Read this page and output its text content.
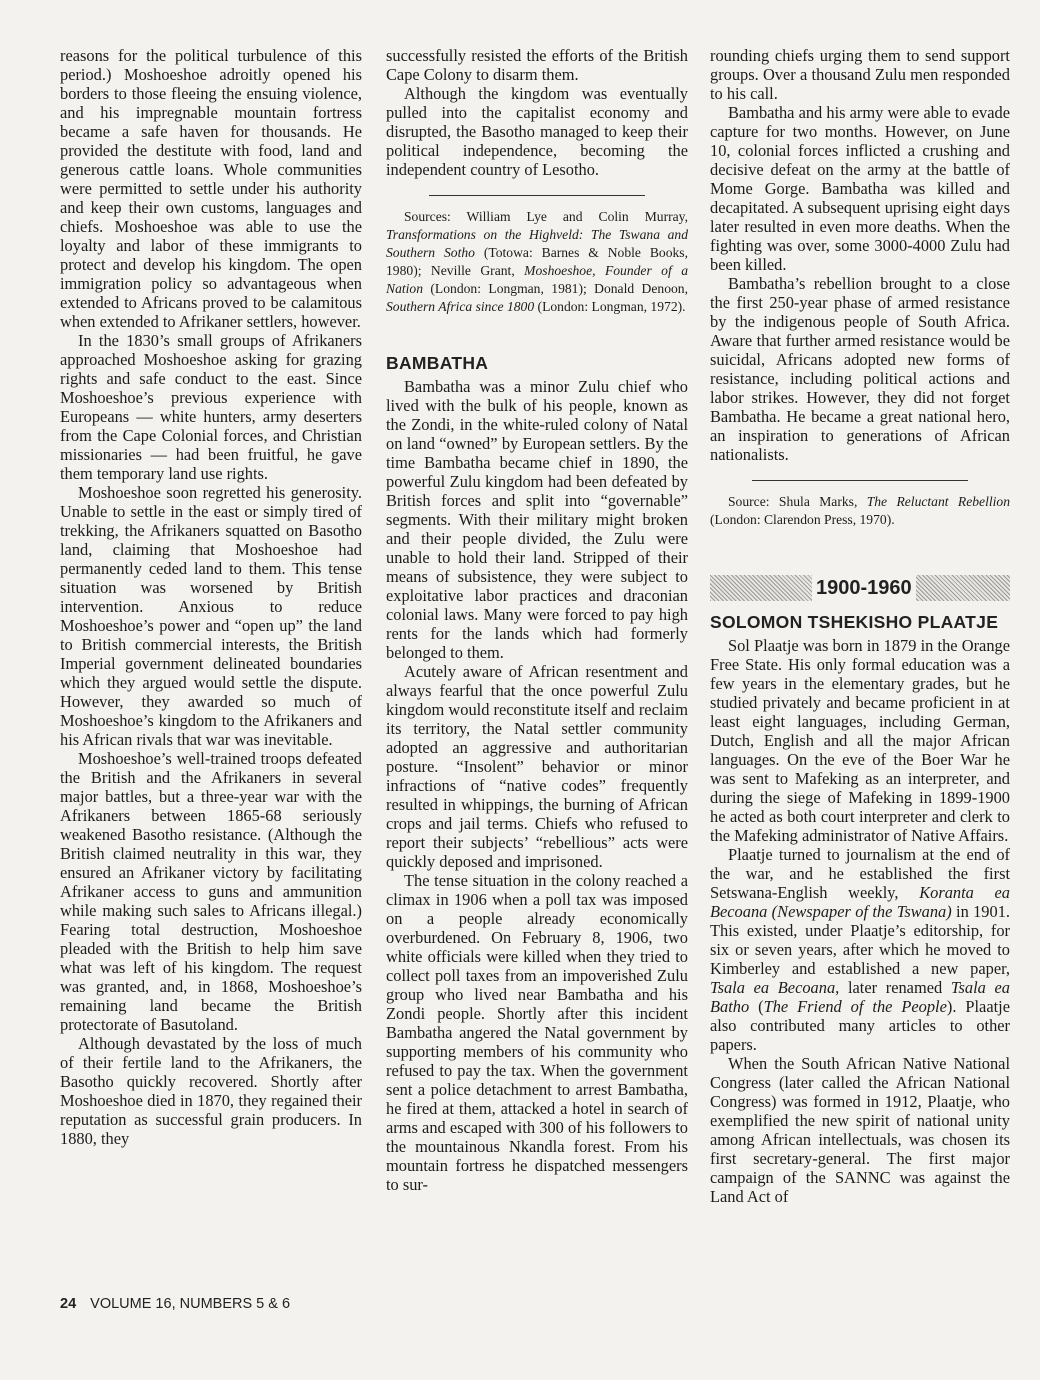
reasons for the political turbulence of this period.) Moshoeshoe adroitly opened his borders to those fleeing the ensuing violence, and his impregnable mountain fortress became a safe haven for thousands. He provided the destitute with food, land and generous cattle loans. Whole communities were permitted to settle under his authority and keep their own customs, languages and chiefs. Moshoeshoe was able to use the loyalty and labor of these immigrants to protect and develop his kingdom. The open immigration policy so advantageous when extended to Africans proved to be calamitous when extended to Afrikaner settlers, however.

In the 1830’s small groups of Afrikaners approached Moshoeshoe asking for grazing rights and safe conduct to the east. Since Moshoeshoe’s previous experience with Europeans — white hunters, army deserters from the Cape Colonial forces, and Christian missionaries — had been fruitful, he gave them temporary land use rights.

Moshoeshoe soon regretted his generosity. Unable to settle in the east or simply tired of trekking, the Afrikaners squatted on Basotho land, claiming that Moshoeshoe had permanently ceded land to them. This tense situation was worsened by British intervention. Anxious to reduce Moshoeshoe’s power and “open up” the land to British commercial interests, the British Imperial government delineated boundaries which they argued would settle the dispute. However, they awarded so much of Moshoeshoe’s kingdom to the Afrikaners and his African rivals that war was inevitable.

Moshoeshoe’s well-trained troops defeated the British and the Afrikaners in several major battles, but a three-year war with the Afrikaners between 1865-68 seriously weakened Basotho resistance. (Although the British claimed neutrality in this war, they ensured an Afrikaner victory by facilitating Afrikaner access to guns and ammunition while making such sales to Africans illegal.) Fearing total destruction, Moshoeshoe pleaded with the British to help him save what was left of his kingdom. The request was granted, and, in 1868, Moshoeshoe’s remaining land became the British protectorate of Basutoland.

Although devastated by the loss of much of their fertile land to the Afrikaners, the Basotho quickly recovered. Shortly after Moshoeshoe died in 1870, they regained their reputation as successful grain producers. In 1880, they

successfully resisted the efforts of the British Cape Colony to disarm them.

Although the kingdom was eventually pulled into the capitalist economy and disrupted, the Basotho managed to keep their political independence, becoming the independent country of Lesotho.

Sources: William Lye and Colin Murray, Transformations on the Highveld: The Tswana and Southern Sotho (Totowa: Barnes & Noble Books, 1980); Neville Grant, Moshoeshoe, Founder of a Nation (London: Longman, 1981); Donald Denoon, Southern Africa since 1800 (London: Longman, 1972).

BAMBATHA

Bambatha was a minor Zulu chief who lived with the bulk of his people, known as the Zondi, in the white-ruled colony of Natal on land “owned” by European settlers. By the time Bambatha became chief in 1890, the powerful Zulu kingdom had been defeated by British forces and split into “governable” segments. With their military might broken and their people divided, the Zulu were unable to hold their land. Stripped of their means of subsistence, they were subject to exploitative labor practices and draconian colonial laws. Many were forced to pay high rents for the lands which had formerly belonged to them.

Acutely aware of African resentment and always fearful that the once powerful Zulu kingdom would reconstitute itself and reclaim its territory, the Natal settler community adopted an aggressive and authoritarian posture. “Insolent” behavior or minor infractions of “native codes” frequently resulted in whippings, the burning of African crops and jail terms. Chiefs who refused to report their subjects’ “rebellious” acts were quickly deposed and imprisoned.

The tense situation in the colony reached a climax in 1906 when a poll tax was imposed on a people already economically overburdened. On February 8, 1906, two white officials were killed when they tried to collect poll taxes from an impoverished Zulu group who lived near Bambatha and his Zondi people. Shortly after this incident Bambatha angered the Natal government by supporting members of his community who refused to pay the tax. When the government sent a police detachment to arrest Bambatha, he fired at them, attacked a hotel in search of arms and escaped with 300 of his followers to the mountainous Nkandla forest. From his mountain fortress he dispatched messengers to sur-

rounding chiefs urging them to send support groups. Over a thousand Zulu men responded to his call.

Bambatha and his army were able to evade capture for two months. However, on June 10, colonial forces inflicted a crushing and decisive defeat on the army at the battle of Mome Gorge. Bambatha was killed and decapitated. A subsequent uprising eight days later resulted in even more deaths. When the fighting was over, some 3000-4000 Zulu had been killed.

Bambatha’s rebellion brought to a close the first 250-year phase of armed resistance by the indigenous people of South Africa. Aware that further armed resistance would be suicidal, Africans adopted new forms of resistance, including political actions and labor strikes. However, they did not forget Bambatha. He became a great national hero, an inspiration to generations of African nationalists.

Source: Shula Marks, The Reluctant Rebellion (London: Clarendon Press, 1970).

1900-1960
SOLOMON TSHEKISHO PLAATJE

Sol Plaatje was born in 1879 in the Orange Free State. His only formal education was a few years in the elementary grades, but he studied privately and became proficient in at least eight languages, including German, Dutch, English and all the major African languages. On the eve of the Boer War he was sent to Mafeking as an interpreter, and during the siege of Mafeking in 1899-1900 he acted as both court interpreter and clerk to the Mafeking administrator of Native Affairs.

Plaatje turned to journalism at the end of the war, and he established the first Setswana-English weekly, Koranta ea Becoana (Newspaper of the Tswana) in 1901. This existed, under Plaatje’s editorship, for six or seven years, after which he moved to Kimberley and established a new paper, Tsala ea Becoana, later renamed Tsala ea Batho (The Friend of the People). Plaatje also contributed many articles to other papers.

When the South African Native National Congress (later called the African National Congress) was formed in 1912, Plaatje, who exemplified the new spirit of national unity among African intellectuals, was chosen its first secretary-general. The first major campaign of the SANNC was against the Land Act of

24 VOLUME 16, NUMBERS 5 & 6
